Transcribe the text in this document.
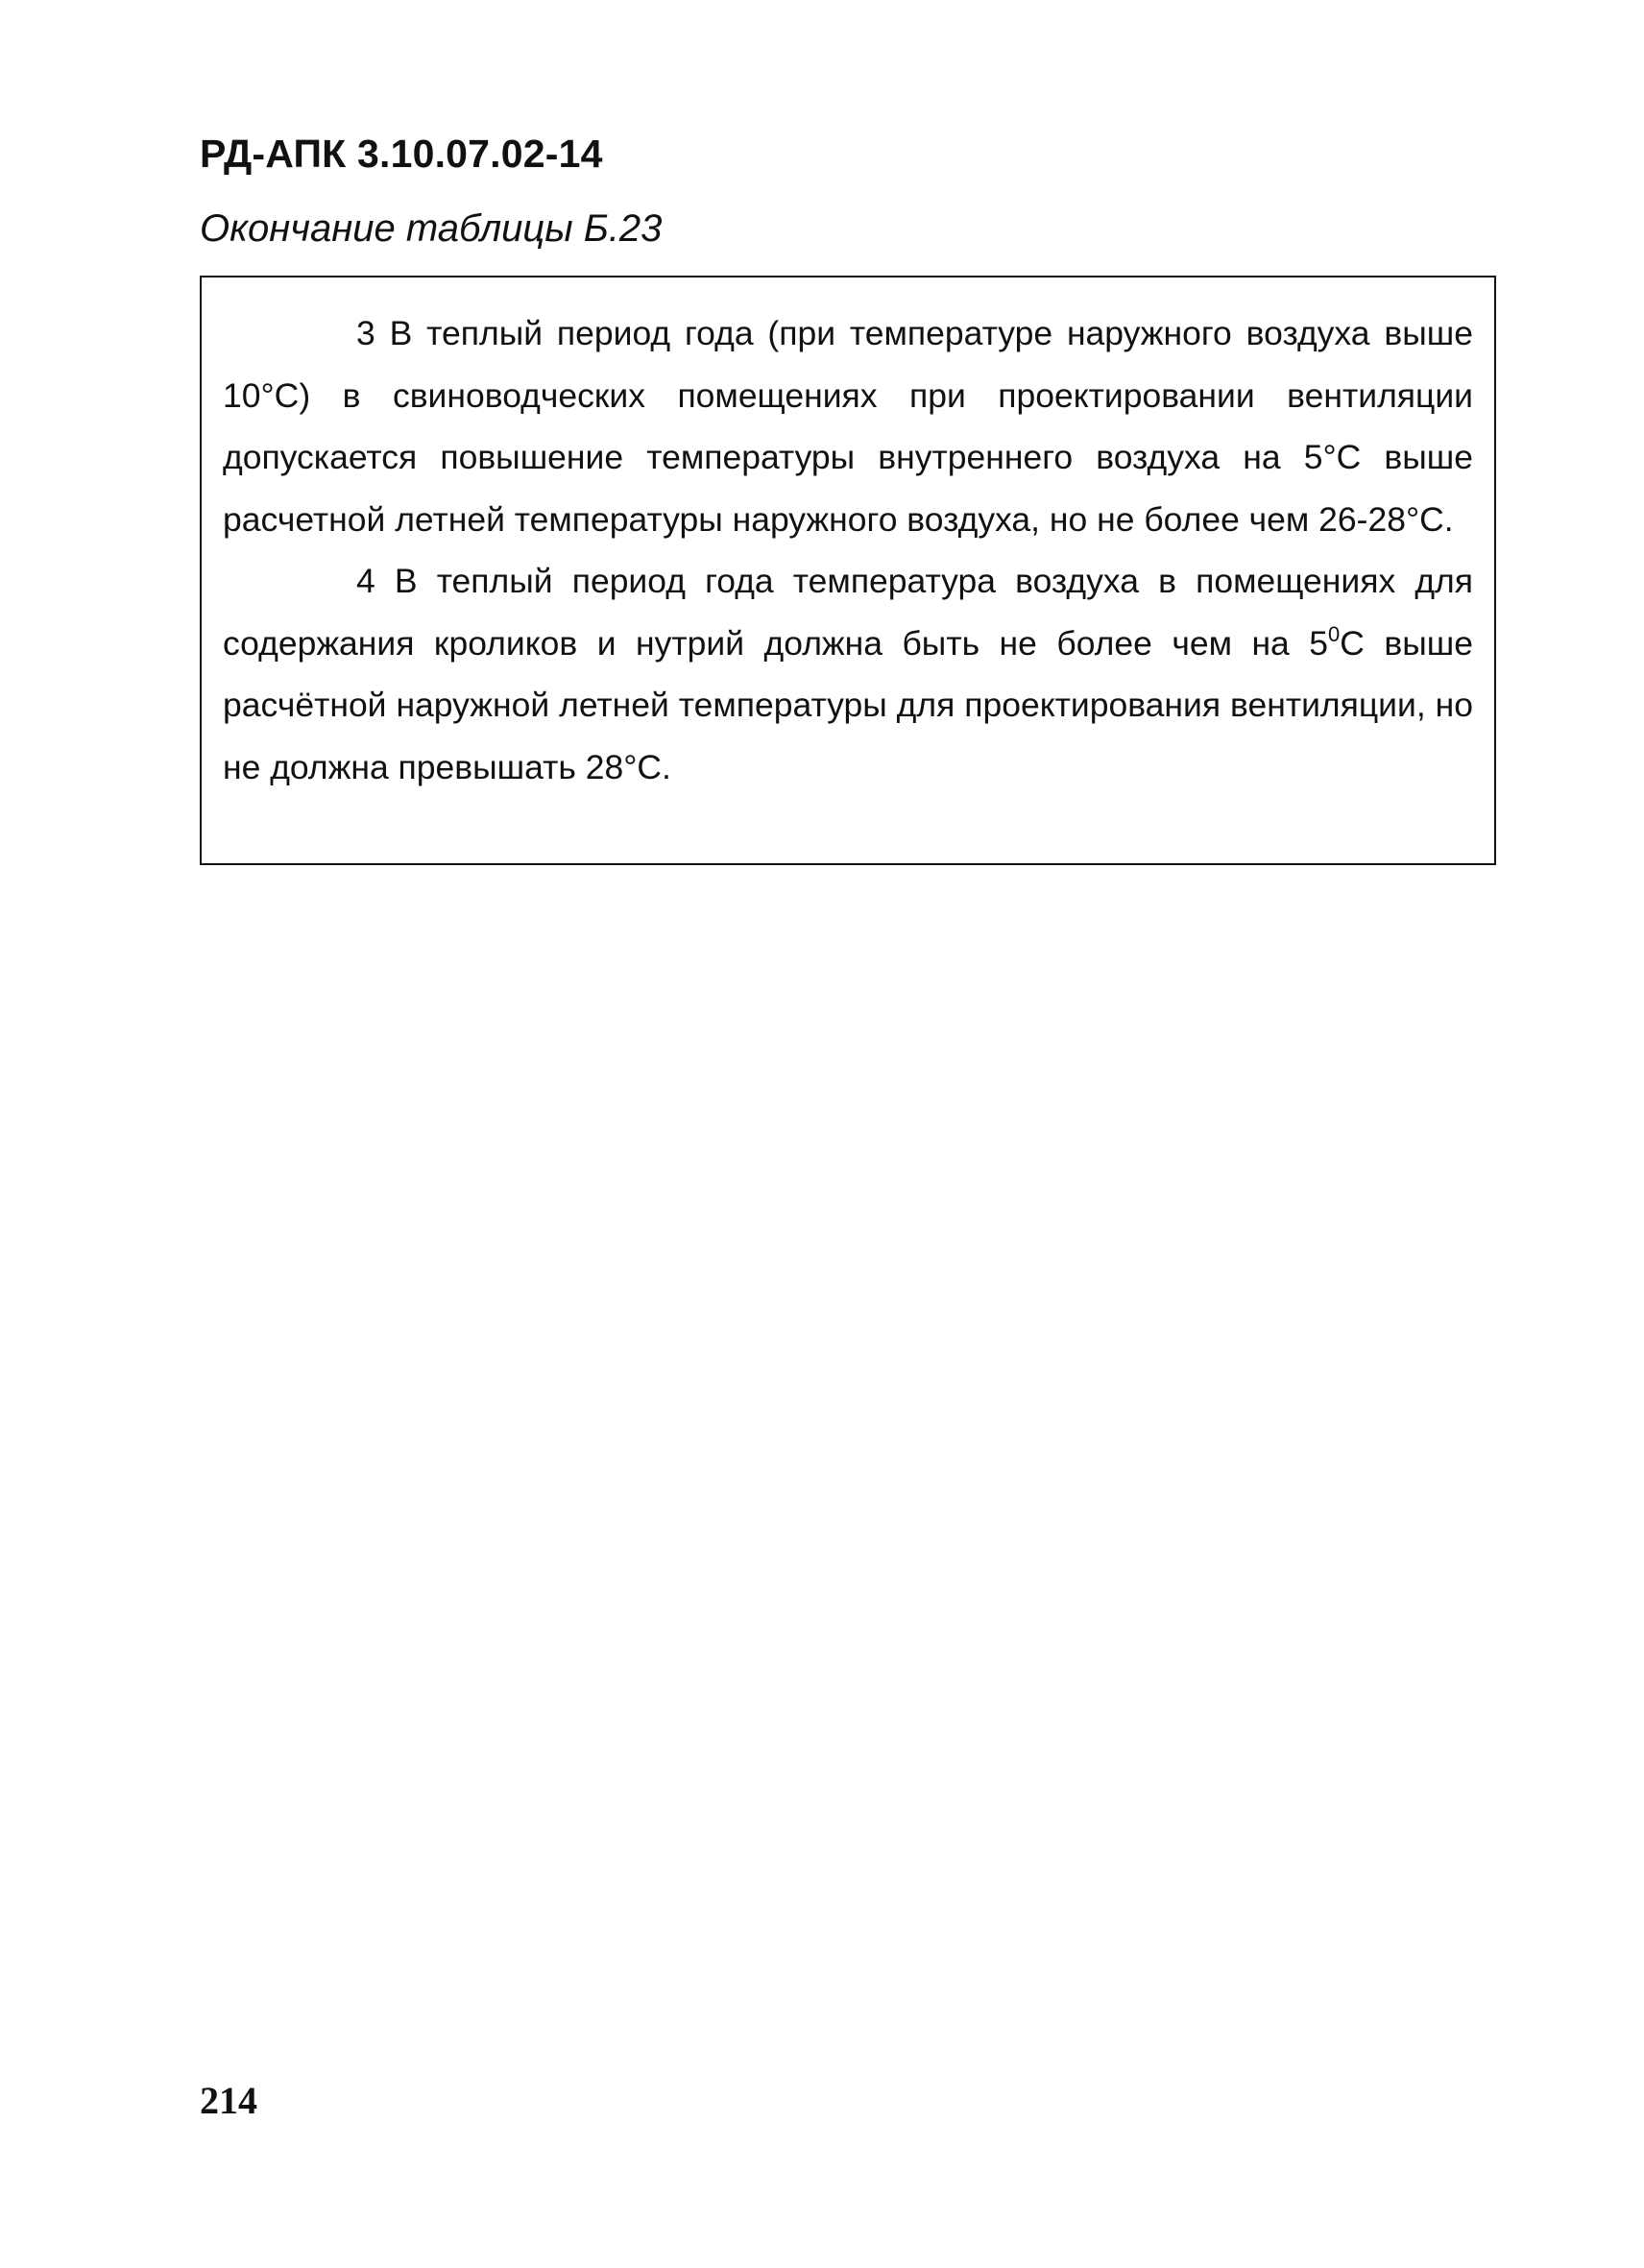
РД-АПК 3.10.07.02-14
Окончание таблицы Б.23

3 В теплый период года (при температуре наружного воздуха выше 10°С) в свиноводческих помещениях при проектировании вентиляции допускается повышение температуры внутреннего воздуха на 5°С выше расчетной летней температуры наружного воздуха, но не более чем 26-28°С.

4 В теплый период года температура воздуха в помещениях для содержания кроликов и нутрий должна быть не более чем на $5^0С$ выше расчётной наружной летней температуры для проектирования вентиляции, но не должна превышать 28°С.

214
